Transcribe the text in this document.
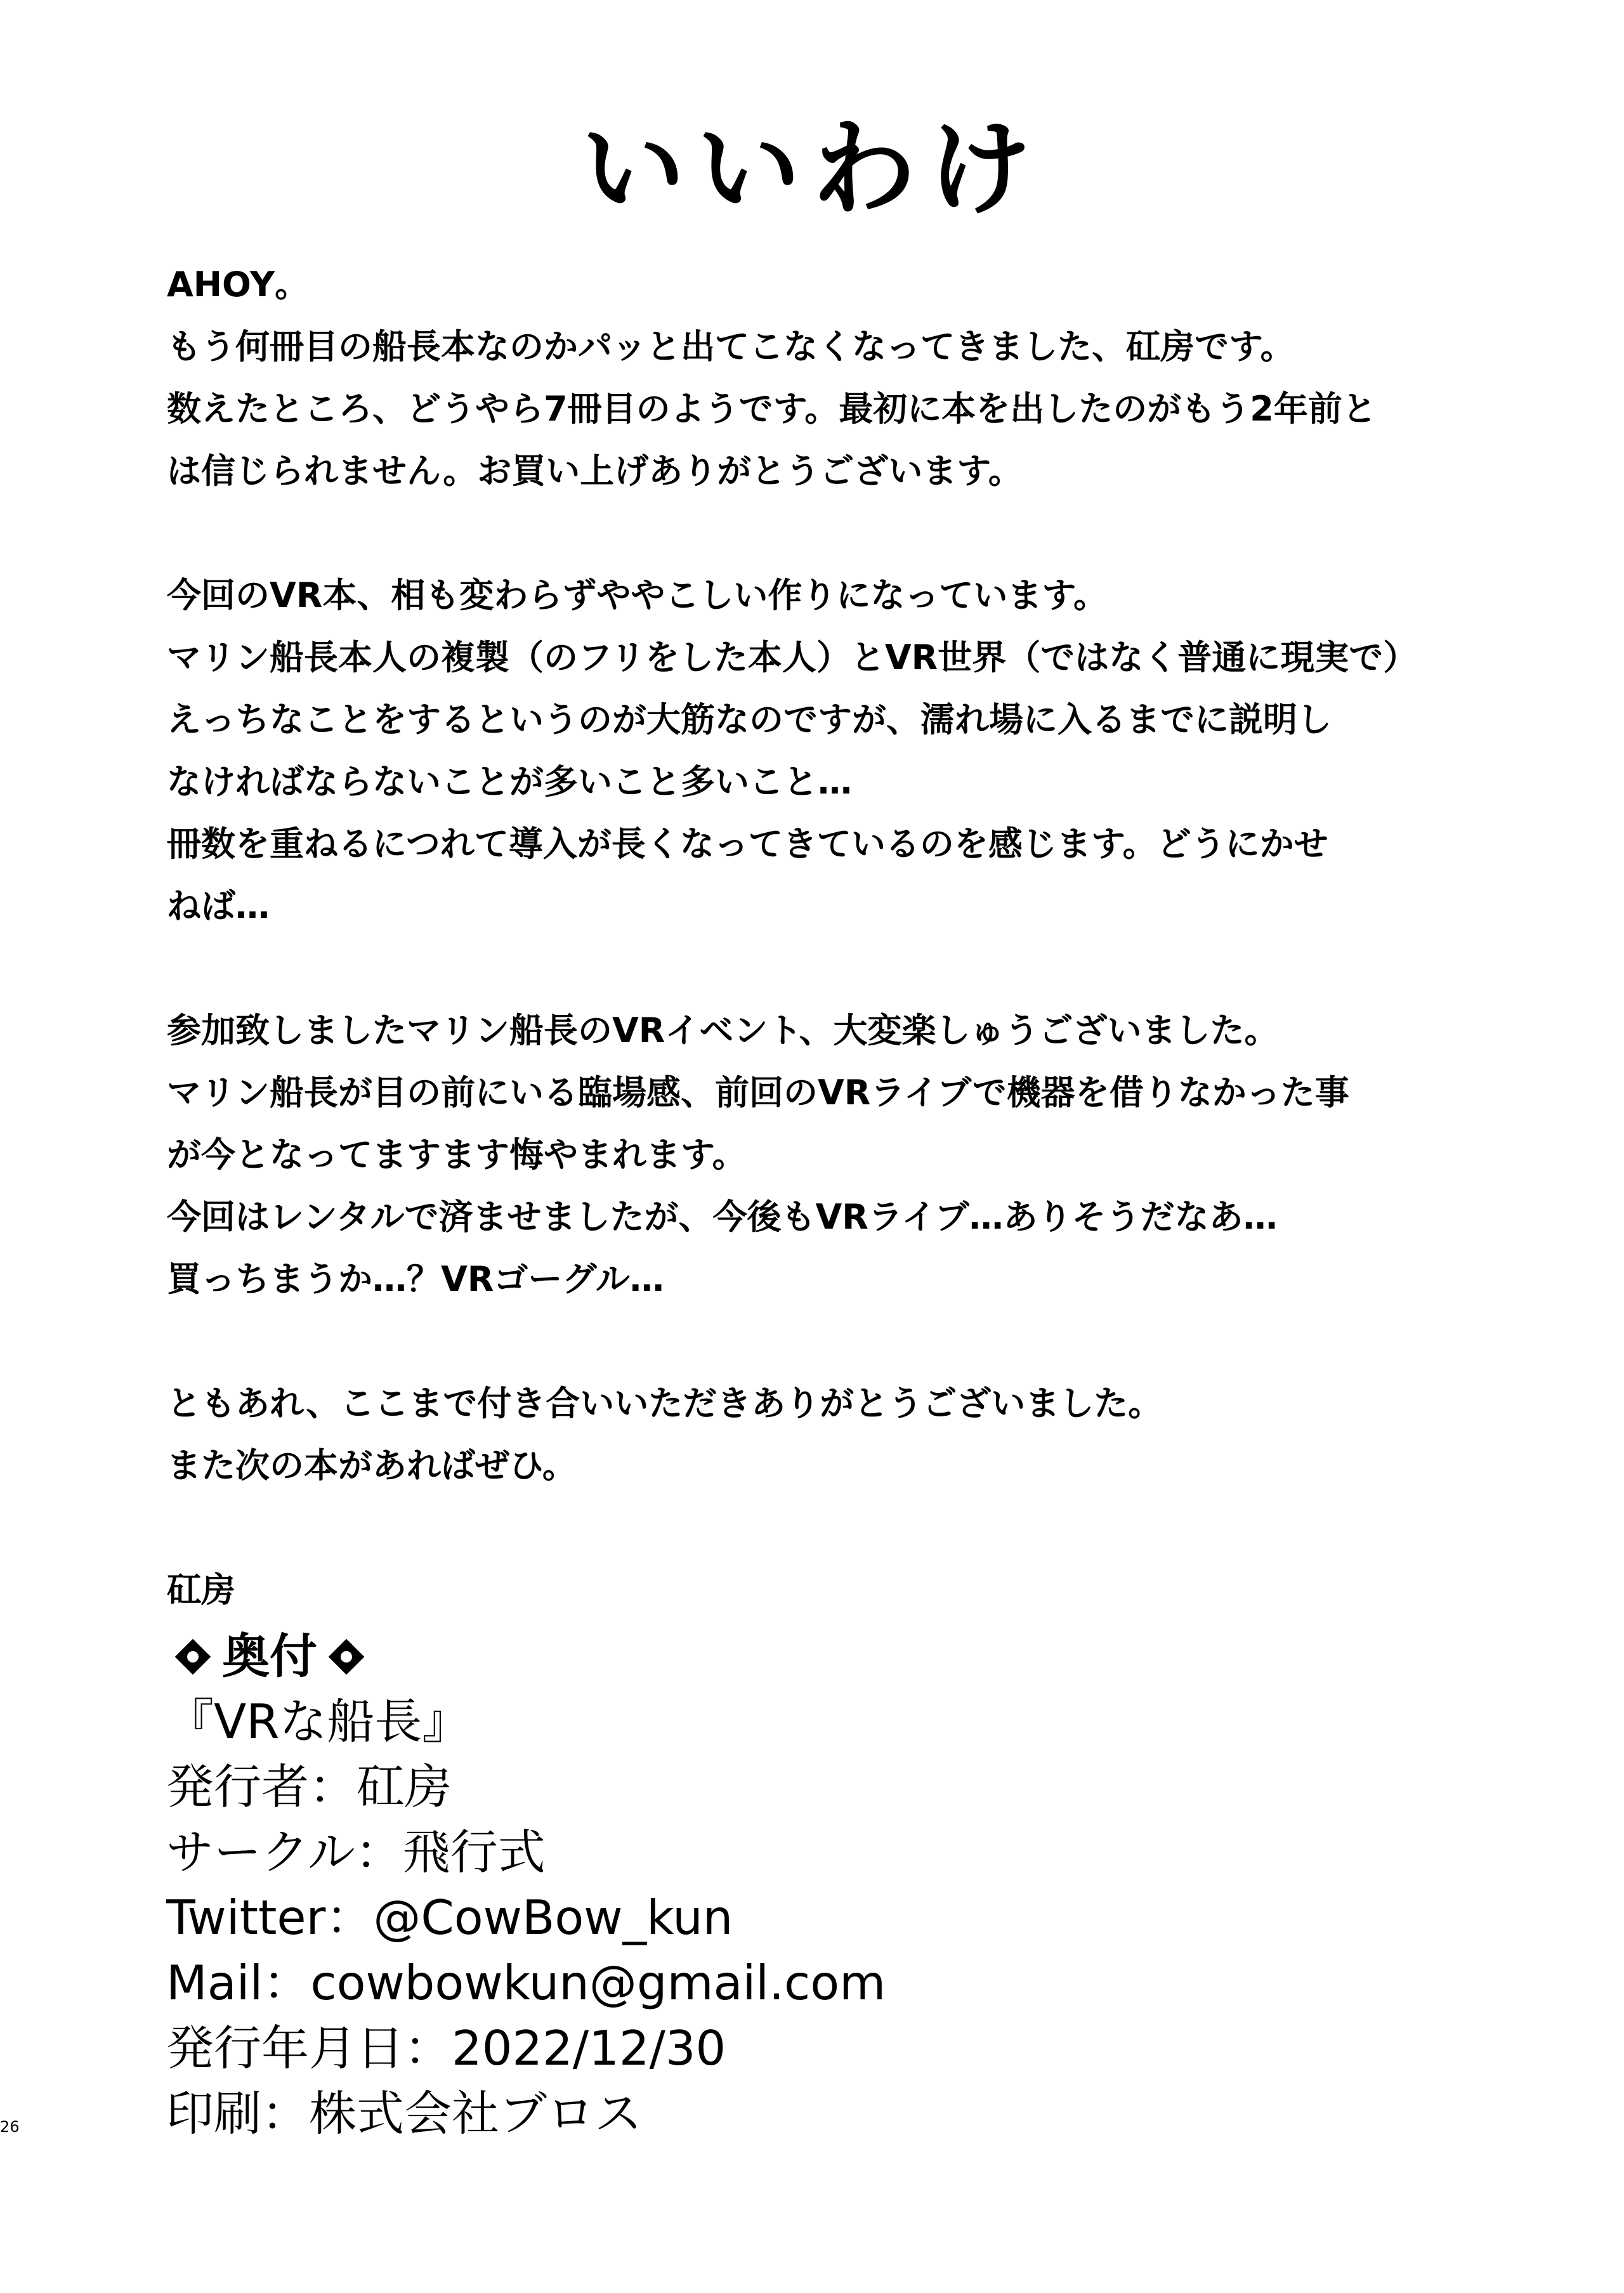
いいわけ
AHOY。
もう何冊目の船長本なのかパッと出てこなくなってきました、矼房です。
数えたところ、どうやら7冊目のようです。最初に本を出したのがもう2年前と
は信じられません。お買い上げありがとうございます。
今回のVR本、相も変わらずややこしい作りになっています。
マリン船長本人の複製（のフリをした本人）とVR世界（ではなく普通に現実で）
えっちなことをするというのが大筋なのですが、濡れ場に入るまでに説明し
なければならないことが多いこと多いこと…
冊数を重ねるにつれて導入が長くなってきているのを感じます。どうにかせ
ねば…
参加致しましたマリン船長のVRイベント、大変楽しゅうございました。
マリン船長が目の前にいる臨場感、前回のVRライブで機器を借りなかった事
が今となってますます悔やまれます。
今回はレンタルで済ませましたが、今後もVRライブ…ありそうだなあ…
買っちまうか…？VRゴーグル…
ともあれ、ここまで付き合いいただきありがとうございました。
また次の本があればぜひ。
矼房
奥付
『VRな船長』
発行者：矼房
サークル：飛行式
Twitter：@CowBow_kun
Mail：cowbowkun@gmail.com
発行年月日：2022/12/30
印刷：株式会社ブロス
26
